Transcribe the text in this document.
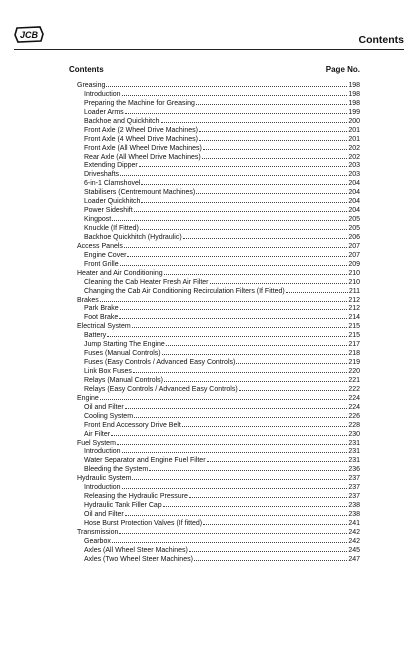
JCB	Contents
Contents	Page No.
Greasing	198
Introduction	198
Preparing the Machine for Greasing	198
Loader Arms	199
Backhoe and Quickhitch	200
Front Axle (2 Wheel Drive Machines)	201
Front Axle (4 Wheel Drive Machines)	201
Front Axle (All Wheel Drive Machines)	202
Rear Axle (All Wheel Drive Machines)	202
Extending Dipper	203
Driveshafts	203
6-in-1 Clamshovel	204
Stabilisers (Centremount Machines)	204
Loader Quickhitch	204
Power Sideshift	204
Kingpost	205
Knuckle (If Fitted)	205
Backhoe Quickhitch (Hydraulic)	206
Access Panels	207
Engine Cover	207
Front Grille	209
Heater and Air Conditioning	210
Cleaning the Cab Heater Fresh Air Filter	210
Changing the Cab Air Conditioning Recirculation Filters (If Fitted)	211
Brakes	212
Park Brake	212
Foot Brake	214
Electrical System	215
Battery	215
Jump Starting The Engine	217
Fuses (Manual Controls)	218
Fuses (Easy Controls / Advanced Easy Controls)	219
Link Box Fuses	220
Relays (Manual Controls)	221
Relays (Easy Controls / Advanced Easy Controls)	222
Engine	224
Oil and Filter	224
Cooling System	226
Front End Accessory Drive Belt	228
Air Filter	230
Fuel System	231
Introduction	231
Water Separator and Engine Fuel Filter	231
Bleeding the System	236
Hydraulic System	237
Introduction	237
Releasing the Hydraulic Pressure	237
Hydraulic Tank Filler Cap	238
Oil and Filter	238
Hose Burst Protection Valves (If fitted)	241
Transmission	242
Gearbox	242
Axles (All Wheel Steer Machines)	245
Axles (Two Wheel Steer Machines)	247
